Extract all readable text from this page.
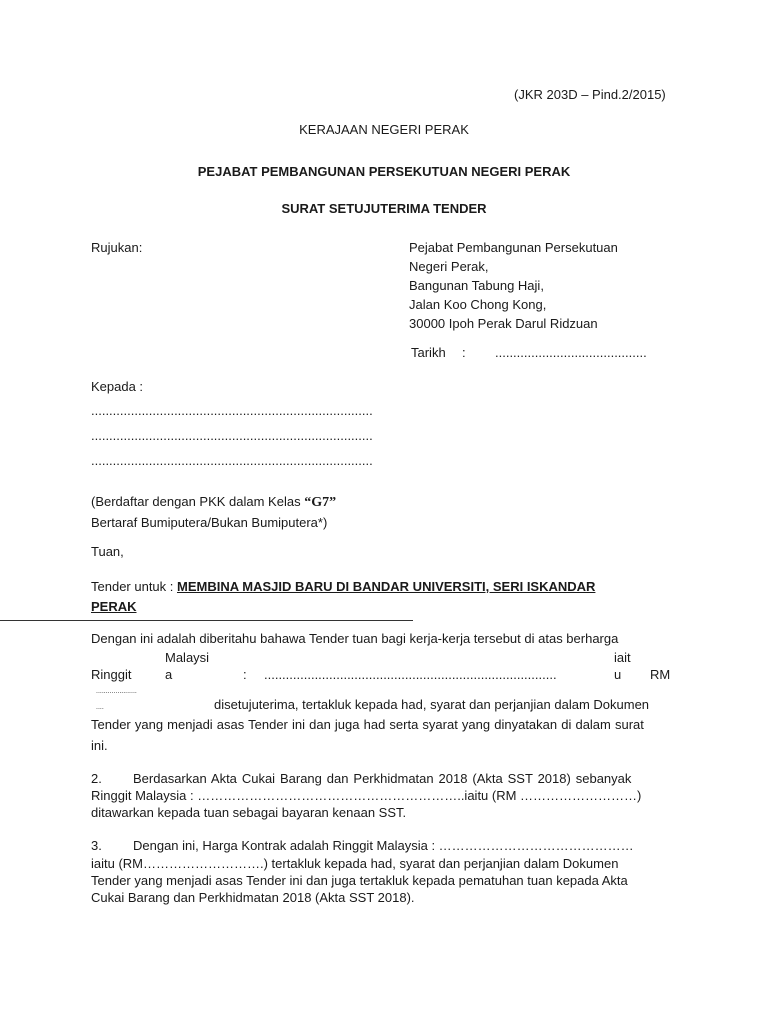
(JKR 203D – Pind.2/2015)
KERAJAAN NEGERI PERAK
PEJABAT PEMBANGUNAN PERSEKUTUAN NEGERI PERAK
SURAT SETUJUTERIMA TENDER
Rujukan:	Pejabat Pembangunan Persekutuan
Negeri Perak,
Bangunan Tabung Haji,
Jalan Koo Chong Kong,
30000 Ipoh Perak Darul Ridzuan
Tarikh : ..........................................
Kepada :
..............................................................................
..............................................................................
..............................................................................
(Berdaftar dengan PKK dalam Kelas “G7”
Bertaraf Bumiputera/Bukan Bumiputera*)
Tuan,
Tender untuk : MEMBINA MASJID BARU DI BANDAR UNIVERSITI, SERI ISKANDAR
PERAK
Dengan ini adalah diberitahu bahawa Tender tuan bagi kerja-kerja tersebut di atas berharga
Malaysi	iait
Ringgit	a	: .................................................................................	u RM
.....................
....	disetujuterima, tertakluk kepada had, syarat dan perjanjian dalam Dokumen
Tender yang menjadi asas Tender ini dan juga had serta syarat yang dinyatakan di dalam surat
ini.
2. Berdasarkan Akta Cukai Barang dan Perkhidmatan 2018 (Akta SST 2018) sebanyak
Ringgit Malaysia : ……………………………………………………..iaitu (RM ………………………)
ditawarkan kepada tuan sebagai bayaran kenaan SST.
3. Dengan ini, Harga Kontrak adalah Ringgit Malaysia : ………………………………………
iaitu (RM……………………….) tertakluk kepada had, syarat dan perjanjian dalam Dokumen
Tender yang menjadi asas Tender ini dan juga tertakluk kepada pematuhan tuan kepada Akta
Cukai Barang dan Perkhidmatan 2018 (Akta SST 2018).
